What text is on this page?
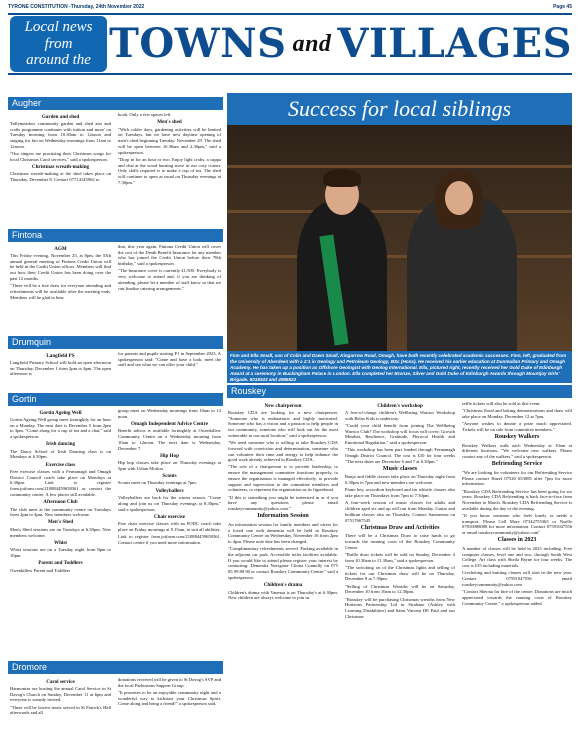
TYRONE CONSTITUTION -Thursday, 24th November 2022	Page 45
Local news from
around the TOWNS and VILLAGES
Augher
Garden and shed

Tullymeadow community garden and shed arts and crafts programme continues with tuition and more' on Tuesday morning from 10.30am to 12noon and singing for fun on Wednesday mornings from 11am to 12noon.

"Our singers are practising their Christmas songs for local Christmas Carol services," said a spokesperson.

Christmas wreath-making

Christmas wreath-making at the shed takes place on Thursday, December 8. Contact 07714145962 to

book. Only a few spaces left.

Men's shed

"With colder days, gardening activities will be limited on Tuesdays, but we have new daytime opening of men's shed beginning Tuesday, November 29. The shed will be open between 10.30am and 2.30pm," said a spokesperson.

"Drop in for an hour or two. Enjoy light crafts, a cuppa and chat at the wood burning stove in our cosy corner. Only skills required is to make a cup of tea. The shed will continue to open as usual on Thursday evenings at 7.30pm."

Fintona
AGM

This Friday evening, November 25, at 8pm, the 55th annual general meeting of Fintona Credit Union will be held in the Credit Union offices. Members will find out how their Credit Union has been doing over the past 12 months.

"There will be a free draw for everyone attending and refreshments will be available after the meeting ends. Members will be glad to hear

that, this year again, Fintona Credit Union will cover the cost of the Death Benefit Insurance for any member who has joined the Credit Union before their 70th birthday," said a spokesperson.

"The Insurance cover is currently £1,500. Everybody is very welcome to attend and, if you are thinking of attending, please let a member of staff know so that we can finalise catering arrangements."

Drumquin
Langfield PS

Langfield Primary School will hold an open afternoon on Thursday, December 1 from 2pm to 4pm. The open afternoon is

for parents and pupils starting P1 in September 2023. A spokesperson said: "Come and have a look, meet the staff and see what we can offer your child."

Gortin
Gortin Ageing Well

Gortin Ageing Well group meet fortnightly for an hour on a Monday. The next date is December 5 from 2pm to 3pm. "Come along for a cup of tea and a chat," said a spokesperson.

Irish dancing

The Darcy School of Irish Dancing class is on Mondays at 6.30pm.

Exercise class

Free exercise classes with a Fermanagh and Omagh District Council coach take place on Mondays at 6.30pm. Link to register form.jotform.com/210884459658361 or contact the community centre. A few places still available.

Afternoon Club

The club meet at the community centre on Tuesdays from 2pm to 4pm. New members welcome.

Men's Shed

Men's Shed sessions are on Tuesdays at 6.30pm. New members welcome.

Whist

Whist sessions are on a Tuesday night from 8pm to 10pm.

Parent and Toddlers

Owenkillew Parent and Toddlers

group meet on Wednesday mornings from 10am to 12 noon.

Omagh Independent Advice Centre

Benefit advice is available fortnightly at Owenkillew Community Centre on a Wednesday morning from 10am to 12noon. The next date is Wednesday, December 7.

Hip Hop

Hip hop classes take place on Thursday evenings at 5pm with Urban Motion.

Scouts

Scouts meet on Thursday evenings at 7pm.

Volleyballers

Volleyballers are back for the winter season. "Come along and join us on Thursday evenings at 8.30pm," said a spokesperson.

Chair exercise

Free chair exercise classes with an FODC coach take place on Friday mornings at 9.15am, to suit all abilities.

Link to register form.jotform.com/210884459658361. Contact centre if you need more information.

Dromore
Carol service

Harmonize are hosting the annual Carol Service in St Davog's Church on Sunday, December 11 at 6pm and everyone is warmly invited.

"There will be festive treats served in St Patrick's Hall afterwards and all

donations received will be given to St Davog's SVP and the local Parkinsons Support Group.

"It promises to be an enjoyable community night and a wonderful way to kickstart your Christmas Spirit. Come along and bring a friend!" a spokesperson said.

Success for local siblings
Finn and Ella Small, son of Colin and Dawn Small, Kingarrow Road, Omagh, have both recently celebrated academic successes. Finn, left, graduated from the University of Aberdeen with a 2:1 in Geology and Petroleum Geology, BSc (Hons). He received his earlier education at Dunmullan Primary and Omagh Academy. He has taken up a position as Offshore Geologist with Geolog International. Ella, pictured right, recently received her Gold Duke of Edinburgh Award at a ceremony in Buckingham Palace in London. Ella completed her Bronze, Silver and Gold Duke of Edinburgh Awards through Mountjoy Girls' Brigade. 5018343 and 4986522
Rouskey
New chairperson

Rouskey CDA are looking for a new chairperson. "Someone who is enthusiastic and highly motivated. Someone who has a vision and a passion to help people in our community, someone who will look out for the most vulnerable in our rural location," said a spokesperson.

"We need someone who is willing to take Rouskey CDA forward with conviction and determination, someone who can volunteer their time and energy to help enhance the good work already achieved in Rouskey CDA.

"The role of a chairperson is to provide leadership, to ensure the management committee functions properly, to ensure the organisation is managed effectively, to provide support and supervision to the committee members and volunteers, to represent the organisation as its figurehead.

"If this is something you might be interested in or if you have any questions please email rouskeycommunity@yahoo.com."

Information Session

An information session for family members and carers for a loved one with dementia will be held in Rouskey Community Centre on Wednesday, November 16 from 2pm to 4pm. Please note date has been changed.

"Complimentary refreshments served. Parking available in the adjacent car park. Accessible toilet facilities available. If you would like to attend please register your interest by contacting: Dementia Navigator Cliona Connolly on 075 85 99 88 90 or contact Rouskey Community Centre," said a spokesperson.

Children's drama

Children's drama with Vanessa is on Thursday's at 6.30pm. New children are always welcome to join in.

Children's workshop

A free-of-charge children's Wellbeing Warrior Workshop with Relax Kids is underway.

"Could your child benefit from joining The Wellbeing Warrior Club? The workshop will focus will cover: Growth Mindset, Resilience, Gratitude, Physical Health and Emotional Regulation," said a spokesperson.

"This workshop has been part funded through Fermanagh Omagh District Council. The cost is £10 for four weeks "The next dates are December 6 and 7 at 6.30pm."

Music classes

Banjo and fiddle classes take place on Thursday night from 6.30pm to 7pm and new members are welcome.

Piano key, accordion keyboard and tin whistle classes also take place on Thursdays from 7pm to 7.30pm.

A four-week session of music classes for adults and children aged six and up will run from Monday. Guitar and bodhran classes also on Thursday. Contact Santarenas on 07517667545.

Christmas Draw and Activities

There will be a Christmas Draw to raise funds to go towards the running costs of the Rouskey Community Centre.

"Raffle draw tickets will be sold on Sunday, December 4 from 10.30am to 11.30am," said a spokesperson.

"The switching on of the Christmas lights and selling of tickets for our Christmas draw will be on Thursday, December 8 at 7.30pm.

"Selling of Christmas Wreaths will be on Saturday, December 10 from 10am to 12.30pm.

"Rouskey will be purchasing Christmas wreaths from New Horizons Partnership Ltd in Strabane (Ashley with Learning Disabilities) and Saint Vincent DE Paul and our Christmas

raffle tickets will also be sold at this event.

"Christmas floral and baking demonstrations and draw will take place on Monday, December 12 at 7pm.

"Anyone wishes to donate a prize much appreciated. Tickets will be on sale from committee members."

Rouskey Walkers

Rouskey Walkers walk each Wednesday at 10am at different locations. "We welcome new walkers. Please contact any of the walkers," said a spokesperson.

Befriending Service

"We are looking for volunteers for our Befriending Service Please contact Hazel 07520 653885 after 7pm for more information.

"Rouskey CDA Befriending Service has been going for six years. Rouskey CDA Befriending is back face-to-face from November to March. Rouskey CDA Befriending Service is available during the day or the evening.

"If you know someone who feels lonely or needs a transport, Please Call Mary 07342755365 or Noelle 07810088088 for more information. Contact 07591047556 or email rouskeycommunity@yahoo.com"

Classes in 2023

A number of classes will be held in 2023 including: Free computer classes, level one and two, through South West College. Art class with Sheila Byrne for four weeks. The cost is £35 including materials.

Crocheting and knitting classes will start in the new year. Contact 07591047556 email rouskeycommunity@yahoo.com

"Contact Sheona for hire of the centre. Donations are much appreciated towards the running costs of Rouskey Community Centre," a spokesperson added.
